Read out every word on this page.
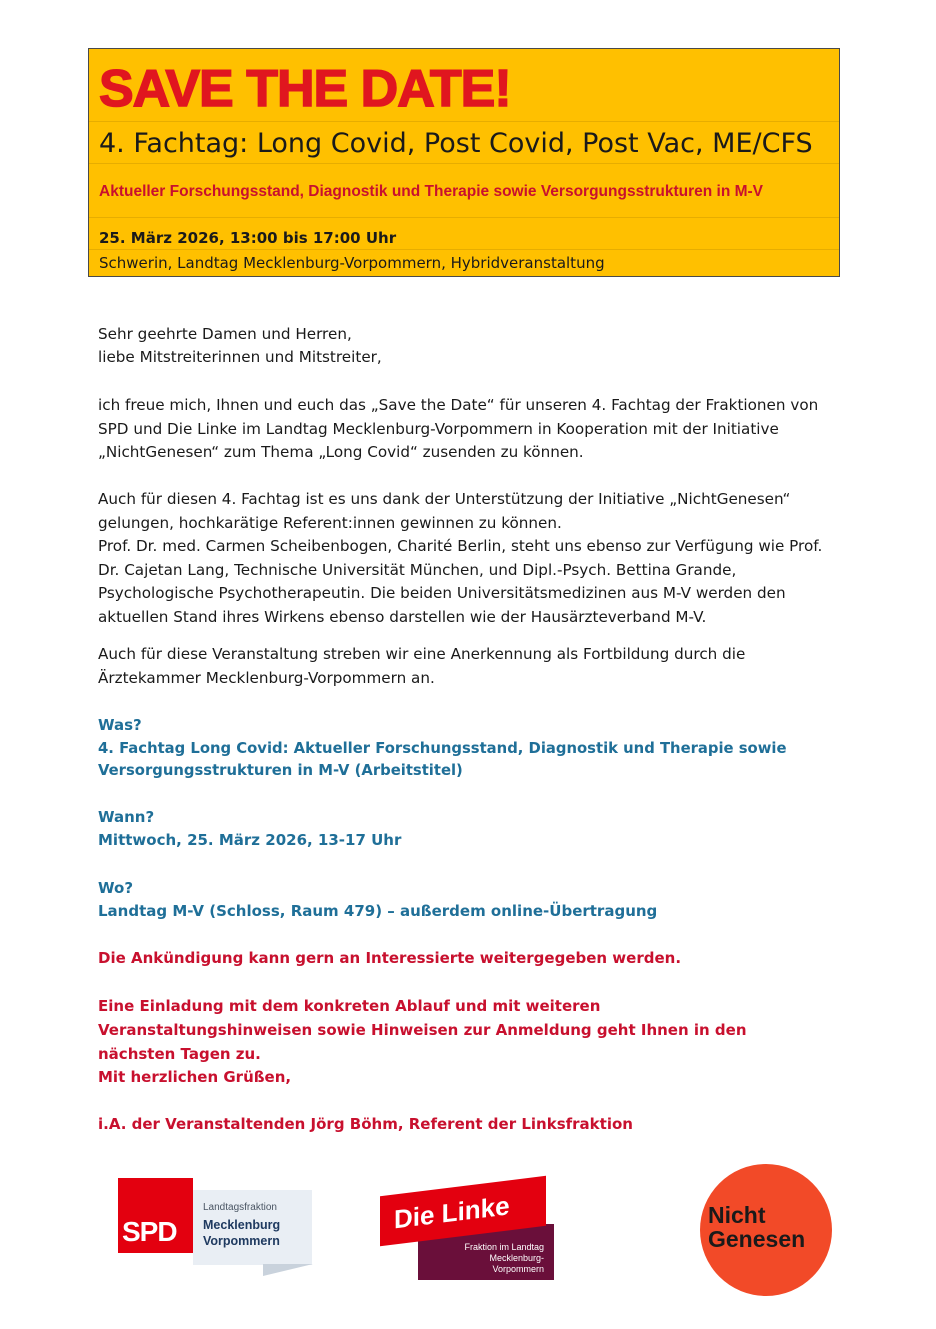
SAVE THE DATE!
4. Fachtag: Long Covid, Post Covid, Post Vac, ME/CFS
Aktueller Forschungsstand, Diagnostik und Therapie sowie Versorgungsstrukturen in M-V
25. März 2026, 13:00 bis 17:00 Uhr
Schwerin, Landtag Mecklenburg-Vorpommern, Hybridveranstaltung
Sehr geehrte Damen und Herren,
liebe Mitstreiterinnen und Mitstreiter,
ich freue mich, Ihnen und euch das „Save the Date“ für unseren 4. Fachtag der Fraktionen von SPD und Die Linke im Landtag Mecklenburg-Vorpommern in Kooperation mit der Initiative „NichtGenesen“ zum Thema „Long Covid“ zusenden zu können.
Auch für diesen 4. Fachtag ist es uns dank der Unterstützung der Initiative „NichtGenesen“ gelungen, hochkarätige Referent:innen gewinnen zu können.
Prof. Dr. med. Carmen Scheibenbogen, Charité Berlin, steht uns ebenso zur Verfügung wie Prof. Dr. Cajetan Lang, Technische Universität München, und Dipl.-Psych. Bettina Grande, Psychologische Psychotherapeutin. Die beiden Universitätsmedizinen aus M-V werden den aktuellen Stand ihres Wirkens ebenso darstellen wie der Hausärzteverband M-V.
Auch für diese Veranstaltung streben wir eine Anerkennung als Fortbildung durch die Ärztekammer Mecklenburg-Vorpommern an.
Was?
4. Fachtag Long Covid: Aktueller Forschungsstand, Diagnostik und Therapie sowie Versorgungsstrukturen in M-V (Arbeitstitel)
Wann?
Mittwoch, 25. März 2026, 13-17 Uhr
Wo?
Landtag M-V (Schloss, Raum 479) – außerdem online-Übertragung
Die Ankündigung kann gern an Interessierte weitergegeben werden.
Eine Einladung mit dem konkreten Ablauf und mit weiteren Veranstaltungshinweisen sowie Hinweisen zur Anmeldung geht Ihnen in den nächsten Tagen zu.
Mit herzlichen Grüßen,
i.A. der Veranstaltenden Jörg Böhm, Referent der Linksfraktion
Landtagsfraktion
Mecklenburg
Vorpommern
SPD	Fraktion im Landtag
Mecklenburg-
Vorpommern
Die Linke	Nicht
Genesen
